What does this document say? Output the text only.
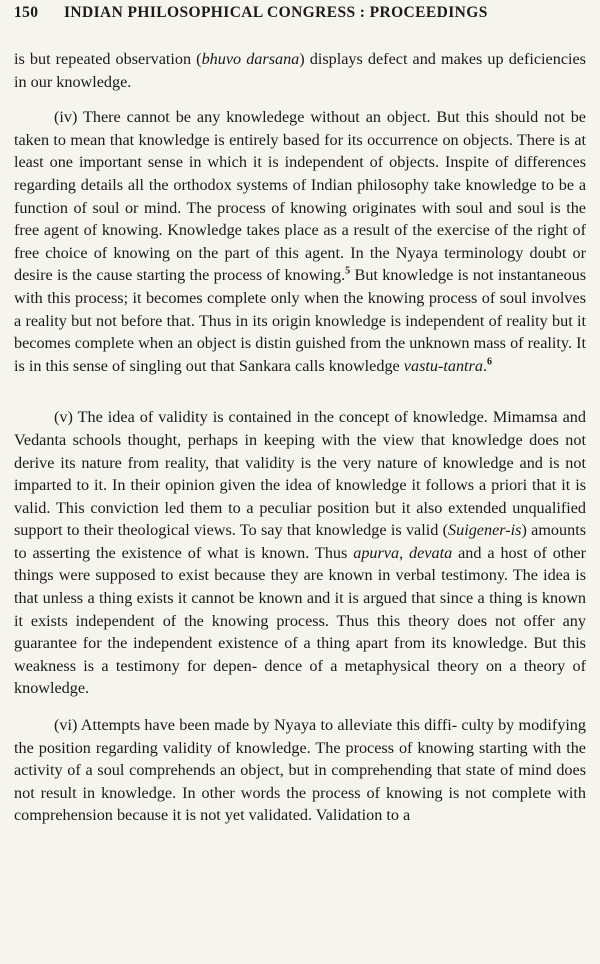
150	INDIAN PHILOSOPHICAL CONGRESS : PROCEEDINGS

is but repeated observation (bhuvo darsana) displays defect and makes up deficiencies in our knowledge.

(iv) There cannot be any knowledege without an object. But this should not be taken to mean that knowledge is entirely based for its occurrence on objects. There is at least one important sense in which it is independent of objects. Inspite of differences regarding details all the orthodox systems of Indian philosophy take knowledge to be a function of soul or mind. The process of knowing originates with soul and soul is the free agent of knowing. Knowledge takes place as a result of the exercise of the right of free choice of knowing on the part of this agent. In the Nyaya terminology doubt or desire is the cause starting the process of knowing.$^5$ But knowledge is not instantaneous with this process; it becomes complete only when the knowing process of soul involves a reality but not before that. Thus in its origin knowledge is independent of reality but it becomes complete when an object is distin guished from the unknown mass of reality. It is in this sense of singling out that Sankara calls knowledge vastu-tantra.$^6$

(v) The idea of validity is contained in the concept of knowledge. Mimamsa and Vedanta schools thought, perhaps in keeping with the view that knowledge does not derive its nature from reality, that validity is the very nature of knowledge and is not imparted to it. In their opinion given the idea of knowledge it follows a priori that it is valid. This conviction led them to a peculiar position but it also extended unqualified support to their theological views. To say that knowledge is valid (Suigener-is) amounts to asserting the existence of what is known. Thus apurva, devata and a host of other things were supposed to exist because they are known in verbal testimony. The idea is that unless a thing exists it cannot be known and it is argued that since a thing is known it exists independent of the knowing process. Thus this theory does not offer any guarantee for the independent existence of a thing apart from its knowledge. But this weakness is a testimony for depen- dence of a metaphysical theory on a theory of knowledge.

(vi) Attempts have been made by Nyaya to alleviate this diffi- culty by modifying the position regarding validity of knowledge. The process of knowing starting with the activity of a soul comprehends an object, but in comprehending that state of mind does not result in knowledge. In other words the process of knowing is not complete with comprehension because it is not yet validated. Validation to a
